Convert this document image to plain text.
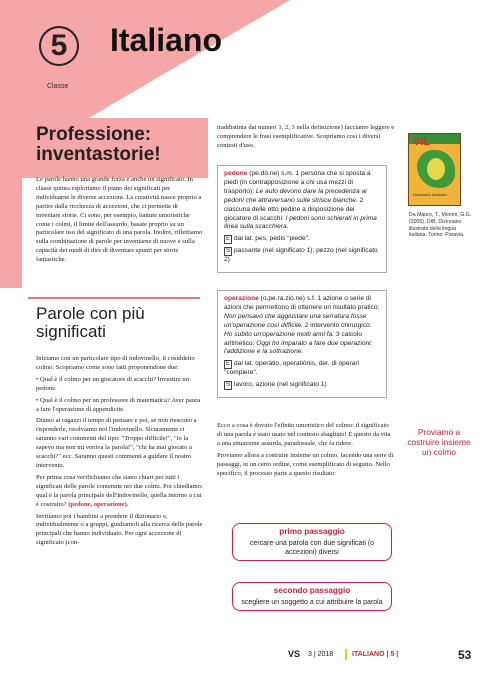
5
Classe
Italiano
Professione:
inventastorie!

Le parole hanno una grande forza e anche un significato. In classe quinta esploriamo il piano dei significati per individuarne le diverse accezioni. La creatività nasce proprio a partire dalla ricchezza di accezioni, che ci permette di inventare storie. Ci sono, per esempio, battute umoristiche come i colmi, il limite dell'assurdo, basate proprio su un particolare uso del significato di una parola. Inoltre, riflettiamo sulla combinazione di parole per inventarne di nuove e sulla capacità dei modi di dire di diventare spunti per storie fantastiche.

Parole con più
significati

Iniziamo con un particolare tipo di indovinello, il cosiddetto colmo. Scopriamo come sono fatti proponendone due:

• Qual è il colmo per un giocatore di scacchi? Investire un pedone.

• Qual è il colmo per un professore di matematica? Aver paura a fare l'operazione di appendicite.

Diamo ai ragazzi il tempo di pensare e poi, se non riescono a risponderle, risolviamo noi l'indovinello. Sicuramente ci saranno vari commenti del tipo: "Troppo difficile!", "io la sapevo ma non mi veniva la parola!", "chi ha mai giocato a scacchi?" ecc. Saranno questi commenti a guidare il nostro intervento.

Per prima cosa verifichiamo che siano chiari per tutti i significati delle parole contenute nei due colmi. Poi chiediamo: qual è la parola principale dell'indovinello, quella intorno a cui è costruito? (pedone, operazione).

Invitiamo poi i bambini a prendere il dizionario e, individualmente o a gruppi, guidiamoli alla ricerca delle parole principali che hanno individuato. Per ogni accezione di significato (con-

traddistinta dai numeri 1, 2, 3 nella definizione) facciamo leggere e comprendere le frasi esemplificative. Scopriamo così i diversi contesti d'uso.

pedone (pe.dò.ne) s.m. 1 persona che si sposta a piedi (in contrapposizione a chi usa mezzi di trasporto): Le auto devono dare la precedenza ai pedoni che attraversano sulle strisce bianche. 2 ciascuna delle otto pedine a disposizione del giocatore di scacchi: I pedoni sono schierati in prima linea sulla scacchiera.

E dal lat. pes, pèdis "piede".

S passante (nel significato 1); pezzo (nel significato 2)

operazione (o.pe.ra.zió.ne) s.f. 1 azione o serie di azioni che permettono di ottenere un risultato pratico: Non pensavo che aggiustare una serratura fosse un'operazione così difficile. 2 intervento chirurgico: Ho subito un'operazione molti anni fa. 3 calcolo aritmetico: Oggi ho imparato a fare due operazioni: l'addizione e la sottrazione.

E dal lat. operàtio, operatiònis, der. di operari "compiere".

S lavoro, azione (nel significato 1)

VIL
Dizionario illustrato
Da Mauro, T., Moroni, G.G. (2005). DIB. Dizionario illustrato della lingua italiana. Torino: Paravia.

Ecco a cosa è dovuto l'effetto umoristico del colmo: il significato di una parola è stato usato nel contesto sbagliato! È questo da vita a una situazione assurda, paradossale, che fa ridere.

Proviamo allora a costruire insieme un colmo, facendo una serie di passaggi, in un certo ordine, come esemplificato di seguito. Nello specifico, il processo parte a questo risultato:

Proviamo a costruire insieme un colmo
primo passaggio
cercare una parola con due significati (o accezioni) diversi
secondo passaggio
scegliere un soggetto a cui attribuire la parola
VS 3 | 2018	ITALIANO | 5 |	53
